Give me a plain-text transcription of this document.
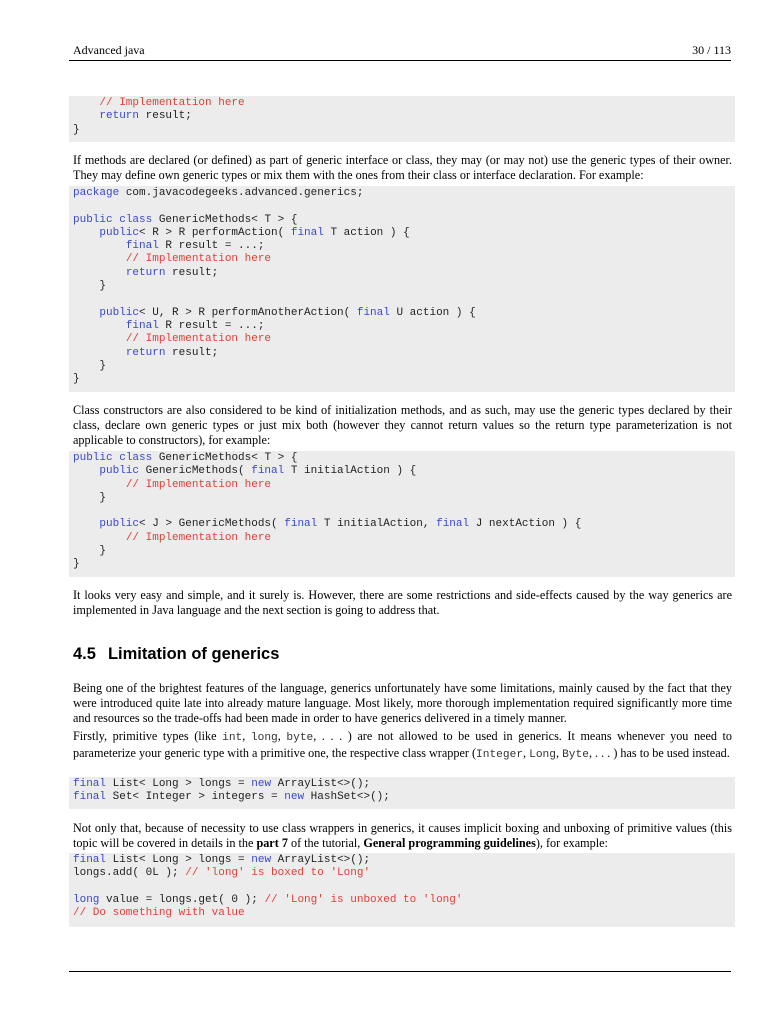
Advanced java	30 / 113
// Implementation here
return result;
}
If methods are declared (or defined) as part of generic interface or class, they may (or may not) use the generic types of their owner. They may define own generic types or mix them with the ones from their class or interface declaration. For example:
package com.javacodegeeks.advanced.generics;
public class GenericMethods< T > {
public< R > R performAction( final T action ) {
final R result = ...;
// Implementation here
return result;
}
public< U, R > R performAnotherAction( final U action ) {
final R result = ...;
// Implementation here
return result;
}
}
Class constructors are also considered to be kind of initialization methods, and as such, may use the generic types declared by their class, declare own generic types or just mix both (however they cannot return values so the return type parameterization is not applicable to constructors), for example:
public class GenericMethods< T > {
public GenericMethods( final T initialAction ) {
// Implementation here
}
public< J > GenericMethods( final T initialAction, final J nextAction ) {
// Implementation here
}
}
It looks very easy and simple, and it surely is. However, there are some restrictions and side-effects caused by the way generics are implemented in Java language and the next section is going to address that.
4.5 Limitation of generics
Being one of the brightest features of the language, generics unfortunately have some limitations, mainly caused by the fact that they were introduced quite late into already mature language. Most likely, more thorough implementation required significantly more time and resources so the trade-offs had been made in order to have generics delivered in a timely manner.
Firstly, primitive types (like int, long, byte, . . . ) are not allowed to be used in generics. It means whenever you need to parameterize your generic type with a primitive one, the respective class wrapper (Integer, Long, Byte, . . . ) has to be used instead.
final List< Long > longs = new ArrayList<>();
final Set< Integer > integers = new HashSet<>();
Not only that, because of necessity to use class wrappers in generics, it causes implicit boxing and unboxing of primitive values (this topic will be covered in details in the part 7 of the tutorial, General programming guidelines), for example:
final List< Long > longs = new ArrayList<>();
longs.add( 0L ); // 'long' is boxed to 'Long'
long value = longs.get( 0 ); // 'Long' is unboxed to 'long'
// Do something with value
